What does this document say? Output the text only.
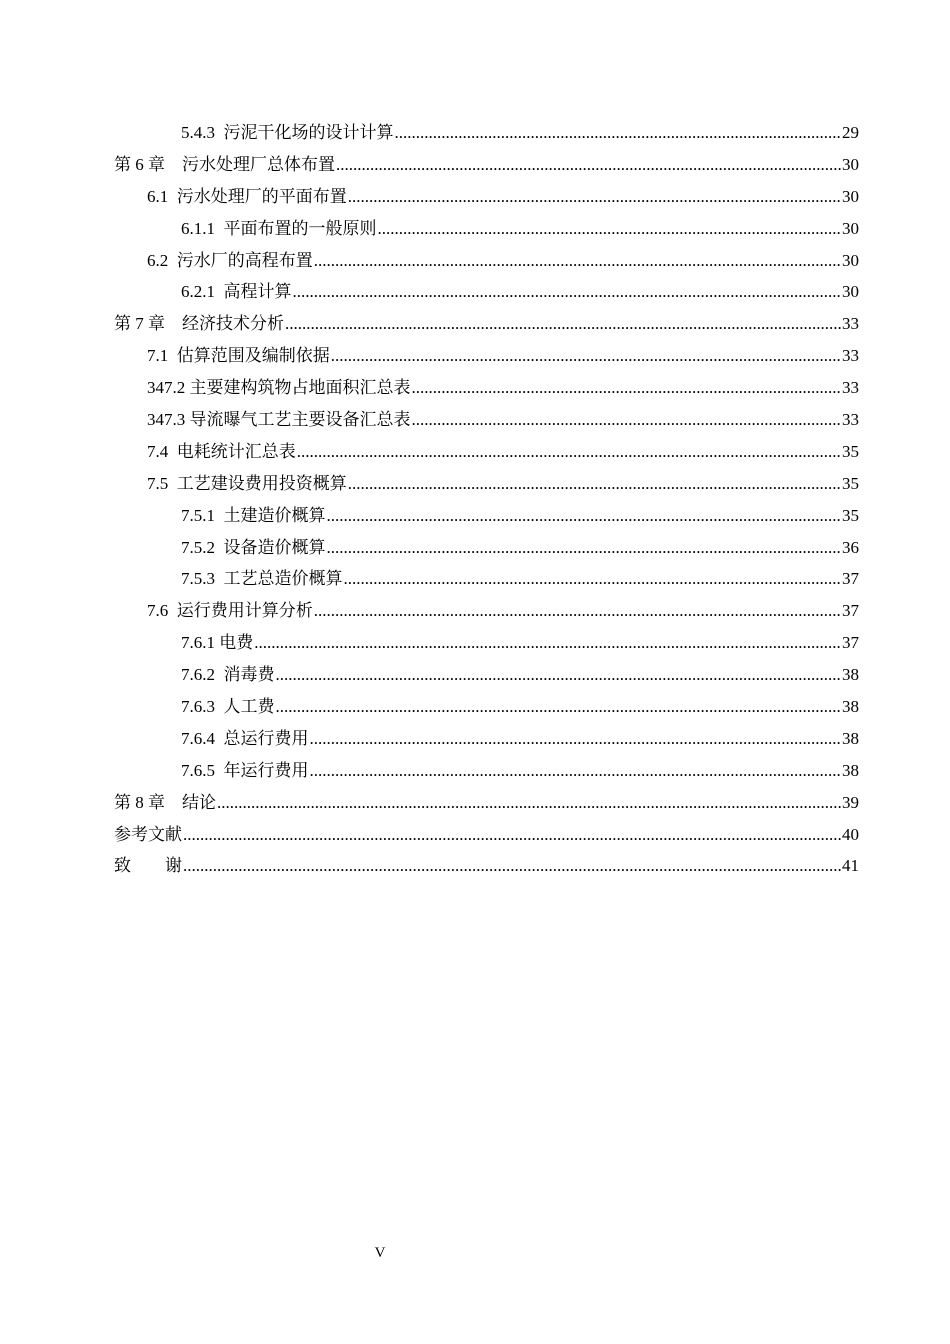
5.4.3  污泥干化场的设计计算 .....	29
第 6 章    污水处理厂总体布置 .....	30
6.1  污水处理厂的平面布置 .....	30
6.1.1  平面布置的一般原则 .....	30
6.2  污水厂的高程布置 .....	30
6.2.1  高程计算 .....	30
第 7 章    经济技术分析 .....	33
7.1  估算范围及编制依据 .....	33
347.2 主要建构筑物占地面积汇总表 .....	33
347.3 导流曝气工艺主要设备汇总表 .....	33
7.4  电耗统计汇总表 .....	35
7.5  工艺建设费用投资概算 .....	35
7.5.1  土建造价概算 .....	35
7.5.2  设备造价概算 .....	36
7.5.3  工艺总造价概算 .....	37
7.6  运行费用计算分析 .....	37
7.6.1 电费 .....	37
7.6.2  消毒费 .....	38
7.6.3  人工费 .....	38
7.6.4  总运行费用 .....	38
7.6.5  年运行费用 .....	38
第 8 章    结论 .....	39
参考文献 .....	40
致        谢 .....	41
V
